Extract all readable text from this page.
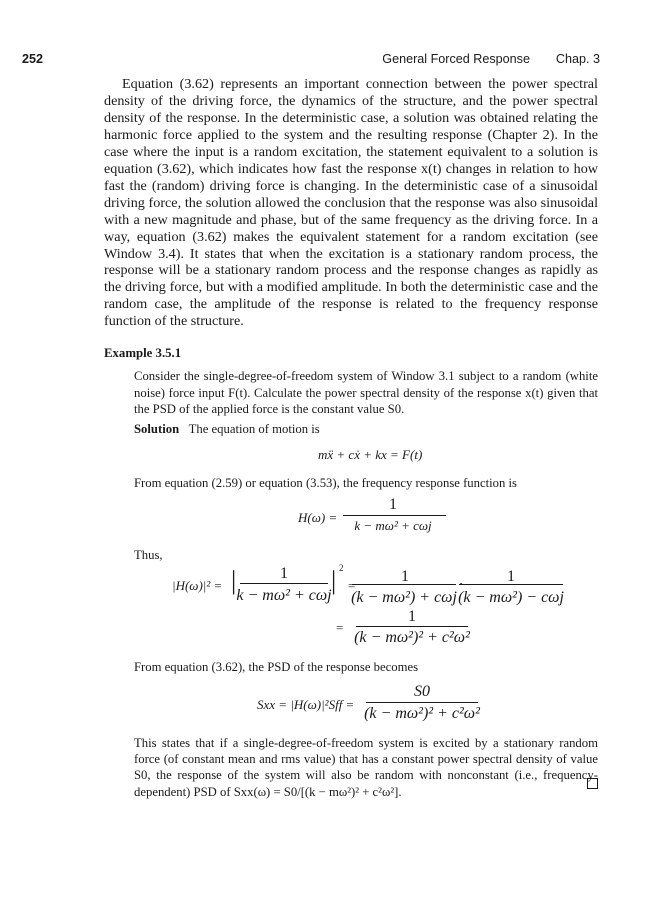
252	General Forced Response Chap. 3

Equation (3.62) represents an important connection between the power spectral density of the driving force, the dynamics of the structure, and the power spectral density of the response. In the deterministic case, a solution was obtained relating the harmonic force applied to the system and the resulting response (Chapter 2). In the case where the input is a random excitation, the statement equivalent to a solution is equation (3.62), which indicates how fast the response x(t) changes in relation to how fast the (random) driving force is changing. In the deterministic case of a sinusoidal driving force, the solution allowed the conclusion that the response was also sinusoidal with a new magnitude and phase, but of the same frequency as the driving force. In a way, equation (3.62) makes the equivalent statement for a random excitation (see Window 3.4). It states that when the excitation is a stationary random process, the response will be a stationary random process and the response changes as rapidly as the driving force, but with a modified amplitude. In both the deterministic case and the random case, the amplitude of the response is related to the frequency response function of the structure.

Example 3.5.1

Consider the single-degree-of-freedom system of Window 3.1 subject to a random (white noise) force input F(t). Calculate the power spectral density of the response x(t) given that the PSD of the applied force is the constant value S0.

Solution The equation of motion is
mẍ + cẋ + kx = F(t)
From equation (2.59) or equation (3.53), the frequency response function is
H(ω) =
1
k − mω² + cωj
Thus,
|H(ω)|² = |	1
k − mω² + cωj
| 2
=
1
(k − mω²) + cωj
·	1
(k − mω²) − cωj
=
1
(k − mω²)² + c²ω²
From equation (3.62), the PSD of the response becomes
Sxx = |H(ω)|²Sff =
S0
(k − mω²)² + c²ω²

This states that if a single-degree-of-freedom system is excited by a stationary random force (of constant mean and rms value) that has a constant power spectral density of value S0, the response of the system will also be random with nonconstant (i.e., frequency-dependent) PSD of Sxx(ω) = S0/[(k − mω²)² + c²ω²].
